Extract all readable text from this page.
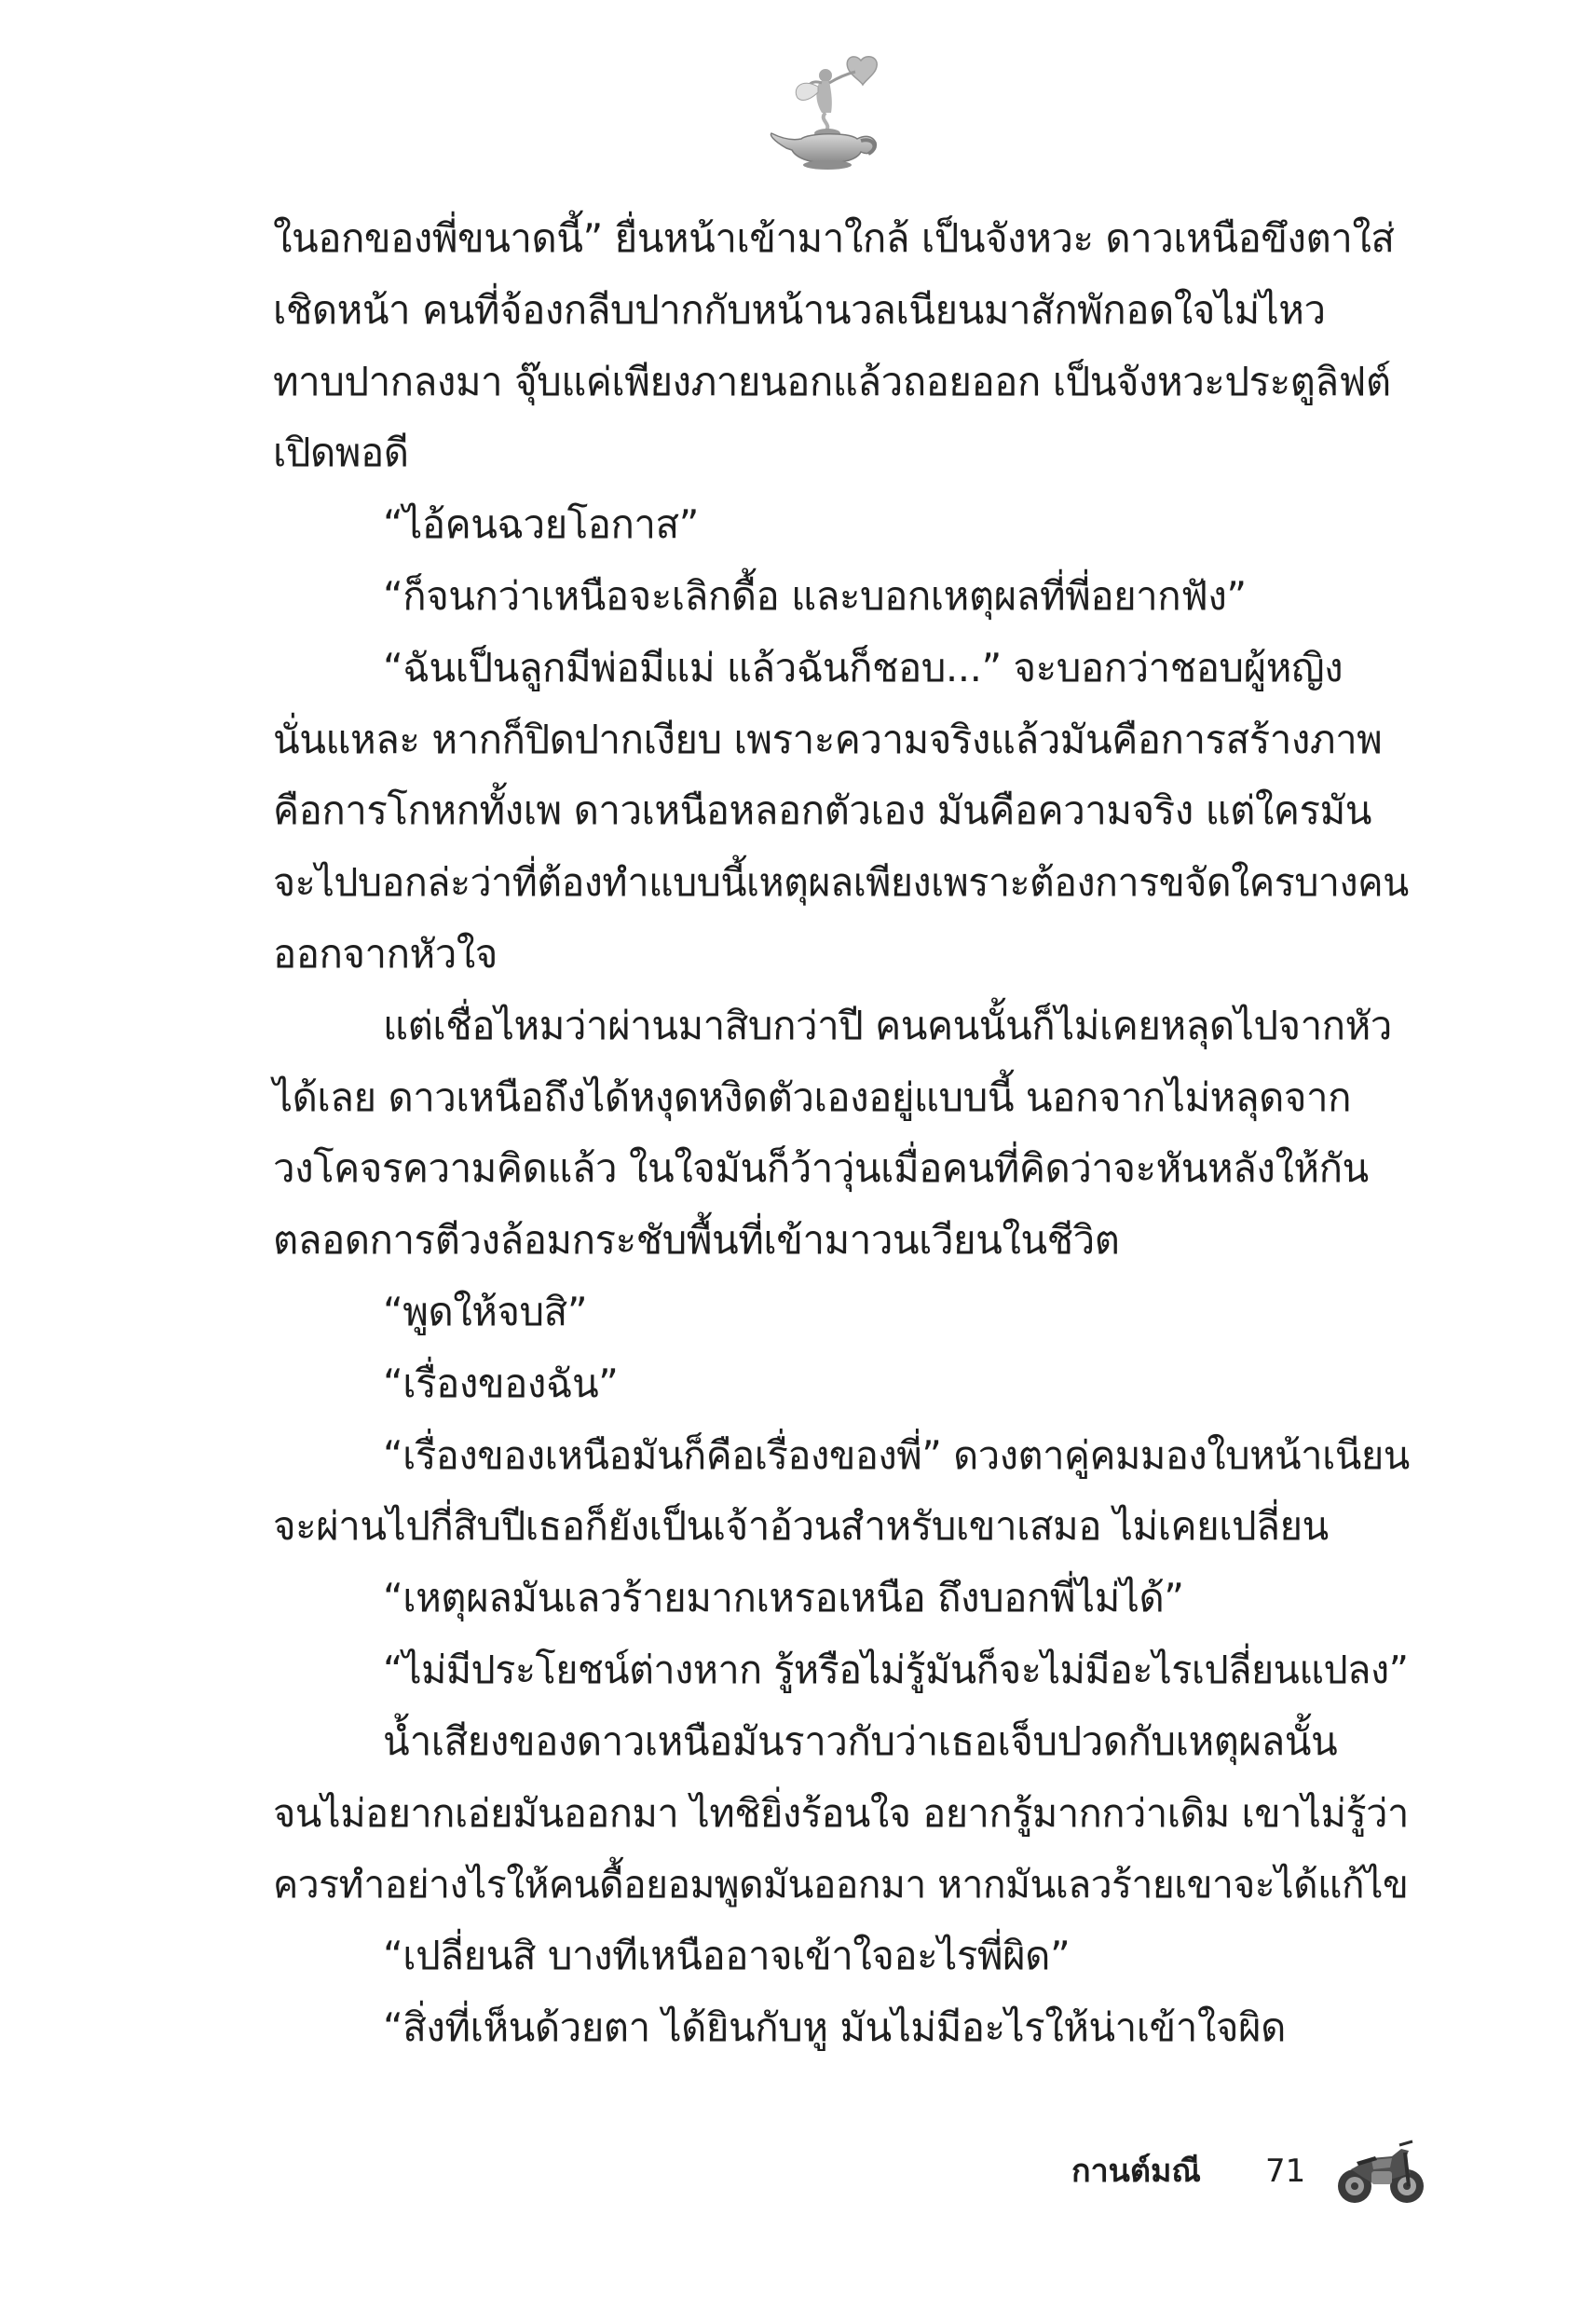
ในอกของพี่ขนาดนี้” ยื่นหน้าเข้ามาใกล้ เป็นจังหวะ ดาวเหนือขึงตาใส่
เชิดหน้า คนที่จ้องกลีบปากกับหน้านวลเนียนมาสักพักอดใจไม่ไหว
ทาบปากลงมา จุ๊บแค่เพียงภายนอกแล้วถอยออก เป็นจังหวะประตูลิฟต์
เปิดพอดี
“ไอ้คนฉวยโอกาส”
“ก็จนกว่าเหนือจะเลิกดื้อ และบอกเหตุผลที่พี่อยากฟัง”
“ฉันเป็นลูกมีพ่อมีแม่ แล้วฉันก็ชอบ...” จะบอกว่าชอบผู้หญิง
นั่นแหละ หากก็ปิดปากเงียบ เพราะความจริงแล้วมันคือการสร้างภาพ
คือการโกหกทั้งเพ ดาวเหนือหลอกตัวเอง มันคือความจริง แต่ใครมัน
จะไปบอกล่ะว่าที่ต้องทำแบบนี้เหตุผลเพียงเพราะต้องการขจัดใครบางคน
ออกจากหัวใจ
แต่เชื่อไหมว่าผ่านมาสิบกว่าปี คนคนนั้นก็ไม่เคยหลุดไปจากหัว
ได้เลย ดาวเหนือถึงได้หงุดหงิดตัวเองอยู่แบบนี้ นอกจากไม่หลุดจาก
วงโคจรความคิดแล้ว ในใจมันก็ว้าวุ่นเมื่อคนที่คิดว่าจะหันหลังให้กัน
ตลอดการตีวงล้อมกระชับพื้นที่เข้ามาวนเวียนในชีวิต
“พูดให้จบสิ”
“เรื่องของฉัน”
“เรื่องของเหนือมันก็คือเรื่องของพี่” ดวงตาคู่คมมองใบหน้าเนียน
จะผ่านไปกี่สิบปีเธอก็ยังเป็นเจ้าอ้วนสำหรับเขาเสมอ ไม่เคยเปลี่ยน
“เหตุผลมันเลวร้ายมากเหรอเหนือ ถึงบอกพี่ไม่ได้”
“ไม่มีประโยชน์ต่างหาก รู้หรือไม่รู้มันก็จะไม่มีอะไรเปลี่ยนแปลง”
น้ำเสียงของดาวเหนือมันราวกับว่าเธอเจ็บปวดกับเหตุผลนั้น
จนไม่อยากเอ่ยมันออกมา ไทชิยิ่งร้อนใจ อยากรู้มากกว่าเดิม เขาไม่รู้ว่า
ควรทำอย่างไรให้คนดื้อยอมพูดมันออกมา หากมันเลวร้ายเขาจะได้แก้ไข
“เปลี่ยนสิ บางทีเหนืออาจเข้าใจอะไรพี่ผิด”
“สิ่งที่เห็นด้วยตา ได้ยินกับหู มันไม่มีอะไรให้น่าเข้าใจผิด
กานต์มณี 71
